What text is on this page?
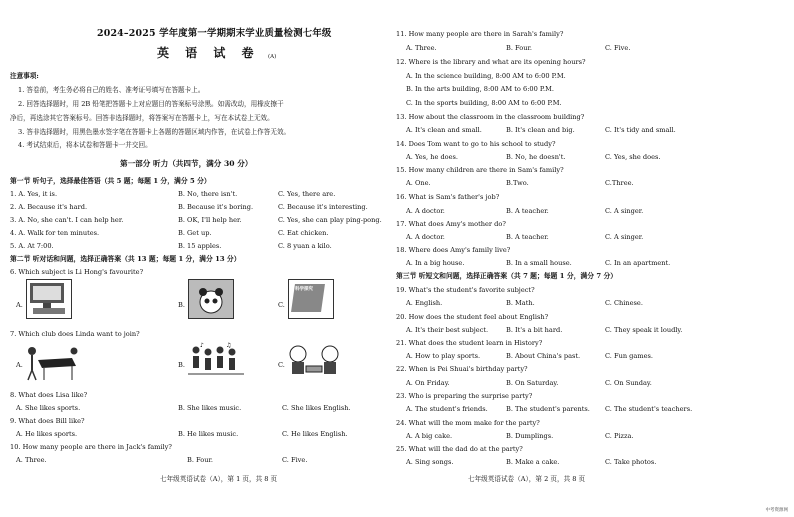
2024–2025 学年度第一学期期末学业质量检测七年级
英 语 试 卷 (A)
注意事项:
1. 答卷前，考生务必将自己的姓名、准考证号填写在答题卡上。
2. 回答选择题时，用 2B 铅笔把答题卡上对应题目的答案标号涂黑。如需改动，用橡皮擦干
净后，再选涂其它答案标号。回答非选择题时，将答案写在答题卡上，写在本试卷上无效。
3. 答非选择题时，用黑色墨水签字笔在答题卡上各题的答题区域内作答，在试卷上作答无效。
4. 考试结束后，将本试卷和答题卡一并交回。
第一部分 听力（共四节，满分 30 分）
第一节 听句子，选择最佳答语（共 5 题；每题 1 分，满分 5 分）
1. A. Yes, it is.	B. No, there isn't.	C. Yes, there are.
2. A. Because it's hard.	B. Because it's boring.	C. Because it's interesting.
3. A. No, she can't. I can help her.	B. OK, I'll help her.	C. Yes, she can play ping-pong.
4. A. Walk for ten minutes.	B. Get up.	C. Eat chicken.
5. A. At 7:00.	B. 15 apples.	C. 8 yuan a kilo.
第二节 听对话和问题，选择正确答案（共 13 题；每题 1 分，满分 13 分）
6. Which subject is Li Hong's favourite?
A.	B.	C.
科学探究
7. Which club does Linda want to join?
A.	B.
♪	♫
C.
8. What does Lisa like?
A. She likes sports.	B. She likes music.	C. She likes English.
9. What does Bill like?
A. He likes sports.	B. He likes music.	C. He likes English.
10. How many people are there in Jack's family?
A. Three.	B. Four.	C. Five.
七年级英语试卷（A），第 1 页，共 8 页
11. How many people are there in Sarah's family?
A. Three.	B. Four.	C. Five.
12. Where is the library and what are its opening hours?
A. In the science building, 8:00 AM to 6:00 P.M.
B. In the arts building, 8:00 AM to 6:00 P.M.
C. In the sports building, 8:00 AM to 6:00 P.M.
13. How about the classroom in the classroom building?
A. It's clean and small.	B. It's clean and big.	C. It's tidy and small.
14. Does Tom want to go to his school to study?
A. Yes, he does.	B. No, he doesn't.	C. Yes, she does.
15. How many children are there in Sam's family?
A. One.	B.Two.	C.Three.
16. What is Sam's father's job?
A. A doctor.	B. A teacher.	C. A singer.
17. What does Amy's mother do?
A. A doctor.	B. A teacher.	C. A singer.
18. Where does Amy's family live?
A. In a big house.	B. In a small house.	C. In an apartment.
第三节 听短文和问题，选择正确答案（共 7 题；每题 1 分，满分 7 分）
19. What's the student's favorite subject?
A. English.	B. Math.	C. Chinese.
20. How does the student feel about English?
A. It's their best subject.	B. It's a bit hard.	C. They speak it loudly.
21. What does the student learn in History?
A. How to play sports.	B. About China's past.	C. Fun games.
22. When is Pei Shuai's birthday party?
A. On Friday.	B. On Saturday.	C. On Sunday.
23. Who is preparing the surprise party?
A. The student's friends.	B. The student's parents. C. The student's teachers.
24. What will the mom make for the party?
A. A big cake.	B. Dumplings.	C. Pizza.
25. What will the dad do at the party?
A. Sing songs.	B. Make a cake.	C. Take photos.
七年级英语试卷（A），第 2 页，共 8 页
中考资源网
